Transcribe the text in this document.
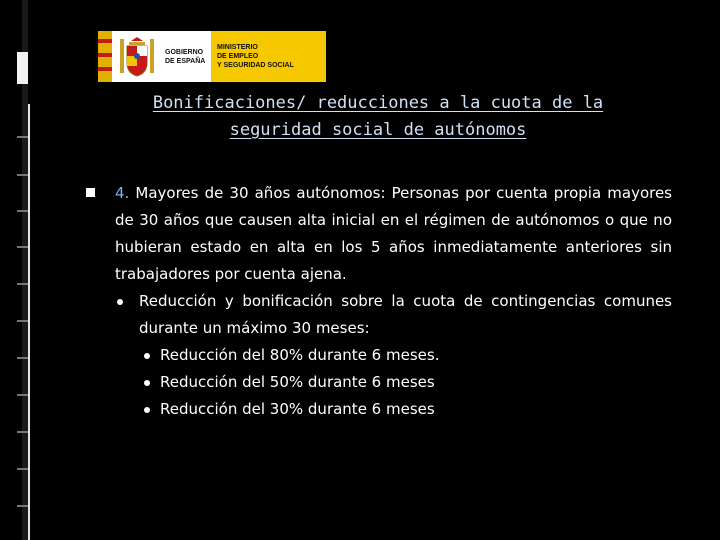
GOBIERNO
DE ESPAÑA
MINISTERIO
DE EMPLEO
Y SEGURIDAD SOCIAL
Bonificaciones/ reducciones a la cuota de la
seguridad social de autónomos
4. Mayores de 30 años autónomos: Personas por cuenta propia mayores de 30 años que causen alta inicial en el régimen de autónomos o que no hubieran estado en alta en los 5 años inmediatamente anteriores sin trabajadores por cuenta ajena.
Reducción y bonificación sobre la cuota de contingencias comunes durante un máximo 30 meses:
Reducción del 80% durante 6 meses.
Reducción del 50% durante 6 meses
Reducción del 30% durante 6 meses
